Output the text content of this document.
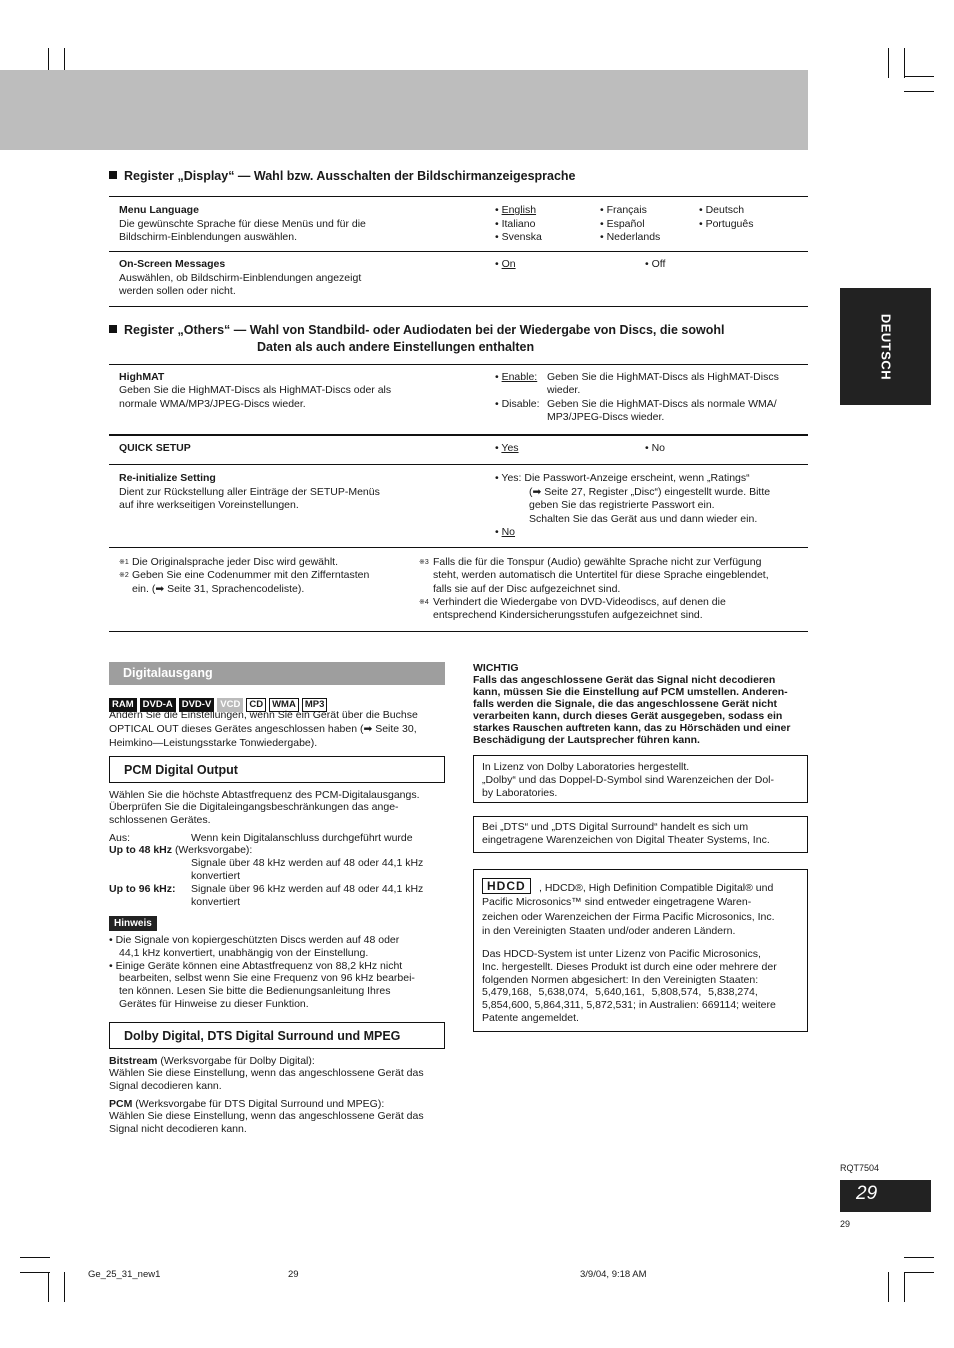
Register „Display“ — Wahl bzw. Ausschalten der Bildschirmanzeigesprache
Menu Language
Die gewünschte Sprache für diese Menüs und für die
Bildschirm-Einblendungen auswählen.
• English	• Français	• Deutsch
• Italiano	• Español	• Português
• Svenska	• Nederlands
On-Screen Messages
Auswählen, ob Bildschirm-Einblendungen angezeigt
werden sollen oder nicht.
• On	• Off
Register „Others“ — Wahl von Standbild- oder Audiodaten bei der Wiedergabe von Discs, die sowohl
Daten als auch andere Einstellungen enthalten
HighMAT
Geben Sie die HighMAT-Discs als HighMAT-Discs oder als
normale WMA/MP3/JPEG-Discs wieder.
• Enable: Geben Sie die HighMAT-Discs als HighMAT-Discs
wieder.
• Disable: Geben Sie die HighMAT-Discs als normale WMA/
MP3/JPEG-Discs wieder.
QUICK SETUP	• Yes	• No
Re-initialize Setting
Dient zur Rückstellung aller Einträge der SETUP-Menüs
auf ihre werkseitigen Voreinstellungen.
• Yes: Die Passwort-Anzeige erscheint, wenn „Ratings“
(➡ Seite 27, Register „Disc“) eingestellt wurde. Bitte
geben Sie das registrierte Passwort ein.
Schalten Sie das Gerät aus und dann wieder ein.
• No
※1 Die Originalsprache jeder Disc wird gewählt.
※2 Geben Sie eine Codenummer mit den Zifferntasten
ein. (➡ Seite 31, Sprachencodeliste).
※3 Falls die für die Tonspur (Audio) gewählte Sprache nicht zur Verfügung
steht, werden automatisch die Untertitel für diese Sprache eingeblendet,
falls sie auf der Disc aufgezeichnet sind.
※4 Verhindert die Wiedergabe von DVD-Videodiscs, auf denen die
entsprechend Kindersicherungsstufen aufgezeichnet sind.
DEUTSCH
Digitalausgang
RAM DVD-A DVD-V VCD CD WMA MP3
Ändern Sie die Einstellungen, wenn Sie ein Gerät über die Buchse
OPTICAL OUT dieses Gerätes angeschlossen haben (➡ Seite 30,
Heimkino—Leistungsstarke Tonwiedergabe).
PCM Digital Output
Wählen Sie die höchste Abtastfrequenz des PCM-Digitalausgangs.
Überprüfen Sie die Digitaleingangsbeschränkungen das ange-
schlossenen Gerätes.
Aus:	Wenn kein Digitalanschluss durchgeführt wurde
Up to 48 kHz (Werksvorgabe):
Signale über 48 kHz werden auf 48 oder 44,1 kHz
konvertiert
Up to 96 kHz: Signale über 96 kHz werden auf 48 oder 44,1 kHz
konvertiert
Hinweis
• Die Signale von kopiergeschützten Discs werden auf 48 oder
44,1 kHz konvertiert, unabhängig von der Einstellung.
• Einige Geräte können eine Abtastfrequenz von 88,2 kHz nicht
bearbeiten, selbst wenn Sie eine Frequenz von 96 kHz bearbei-
ten können. Lesen Sie bitte die Bedienungsanleitung Ihres
Gerätes für Hinweise zu dieser Funktion.
Dolby Digital, DTS Digital Surround und MPEG
Bitstream (Werksvorgabe für Dolby Digital):
Wählen Sie diese Einstellung, wenn das angeschlossene Gerät das
Signal decodieren kann.
PCM (Werksvorgabe für DTS Digital Surround und MPEG):
Wählen Sie diese Einstellung, wenn das angeschlossene Gerät das
Signal nicht decodieren kann.
WICHTIG
Falls das angeschlossene Gerät das Signal nicht decodieren
kann, müssen Sie die Einstellung auf PCM umstellen. Anderen-
falls werden die Signale, die das angeschlossene Gerät nicht
verarbeiten kann, durch dieses Gerät ausgegeben, sodass ein
starkes Rauschen auftreten kann, das zu Hörschäden und einer
Beschädigung der Lautsprecher führen kann.
In Lizenz von Dolby Laboratories hergestellt.
„Dolby“ und das Doppel-D-Symbol sind Warenzeichen der Dol-
by Laboratories.
Bei „DTS“ und „DTS Digital Surround“ handelt es sich um
eingetragene Warenzeichen von Digital Theater Systems, Inc.
HDCD	, HDCD®, High Definition Compatible Digital® und
Pacific Microsonics™ sind entweder eingetragene Waren-
zeichen oder Warenzeichen der Firma Pacific Microsonics, Inc.
in den Vereinigten Staaten und/oder anderen Ländern.
Das HDCD-System ist unter Lizenz von Pacific Microsonics,
Inc. hergestellt. Dieses Produkt ist durch eine oder mehrere der
folgenden Normen abgesichert: In den Vereinigten Staaten:
5,479,168, 5,638,074, 5,640,161, 5,808,574, 5,838,274,
5,854,600, 5,864,311, 5,872,531; in Australien: 669114; weitere
Patente angemeldet.
RQT7504
29
29
Ge_25_31_new1	29	3/9/04, 9:18 AM
